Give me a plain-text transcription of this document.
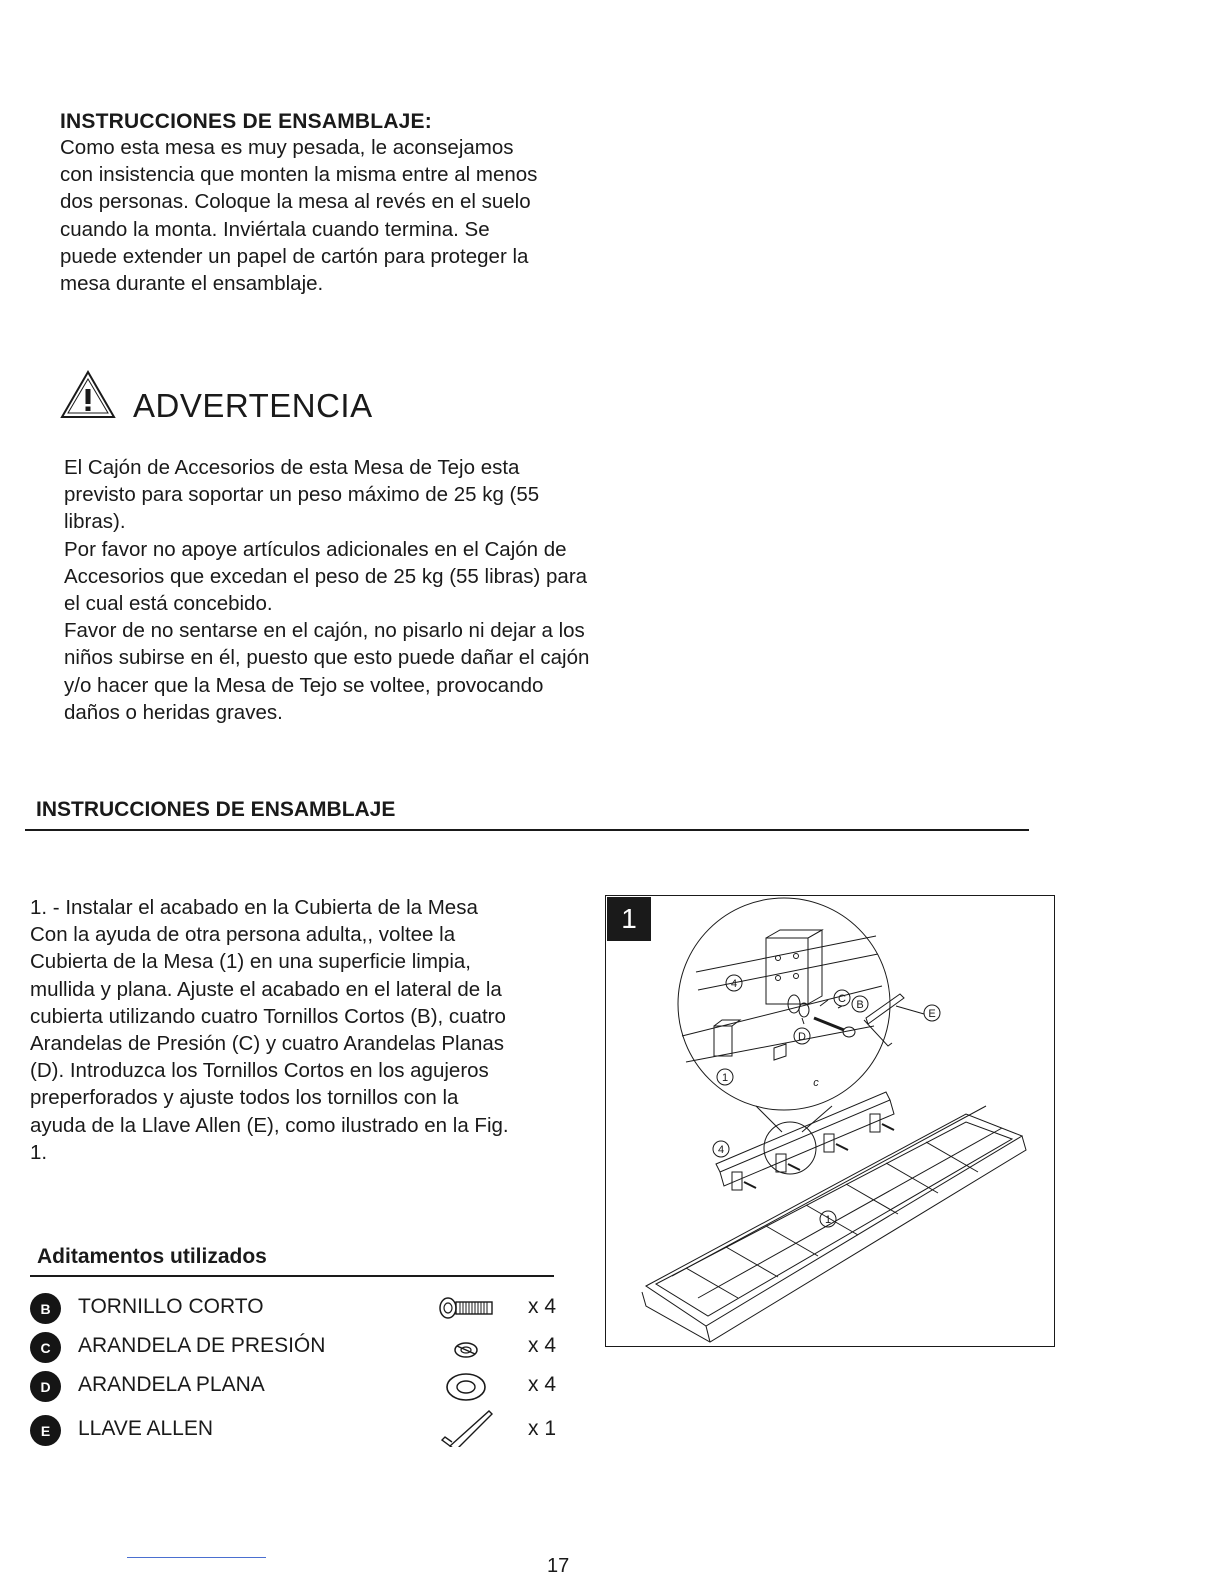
INSTRUCCIONES DE ENSAMBLAJE:
Como esta mesa es muy pesada, le aconsejamos
con insistencia que monten la misma entre al menos
dos personas. Coloque la mesa al revés en el suelo
cuando la monta. Inviértala cuando termina. Se
puede extender un papel de cartón para proteger la
mesa durante el ensamblaje.
ADVERTENCIA
El Cajón de Accesorios de esta Mesa de Tejo esta
previsto para soportar un peso máximo de 25 kg (55
libras).
Por favor no apoye artículos adicionales en el Cajón de
Accesorios que excedan el peso de 25 kg (55 libras) para
el cual está concebido.
Favor de no sentarse en el cajón, no pisarlo ni dejar a los
niños subirse en él, puesto que esto puede dañar el cajón
y/o hacer que la Mesa de Tejo se voltee, provocando
daños o heridas graves.
INSTRUCCIONES DE ENSAMBLAJE
1. - Instalar el acabado en la Cubierta de la Mesa
Con la ayuda de otra persona adulta,, voltee la
Cubierta de la Mesa (1) en una superficie limpia,
mullida y plana. Ajuste el acabado en el lateral de la
cubierta utilizando cuatro Tornillos Cortos (B), cuatro
Arandelas de Presión (C) y cuatro Arandelas Planas
(D). Introduzca los Tornillos Cortos en los agujeros
preperforados y ajuste todos los tornillos con la
ayuda de la Llave Allen (E), como ilustrado en la Fig.
1.
Aditamentos utilizados
B	TORNILLO CORTO	x 4
C	ARANDELA DE PRESIÓN	x 4
D	ARANDELA PLANA	x 4
E	LLAVE ALLEN	x 1
1
4
1
4
1
C B
D
E
c
17
